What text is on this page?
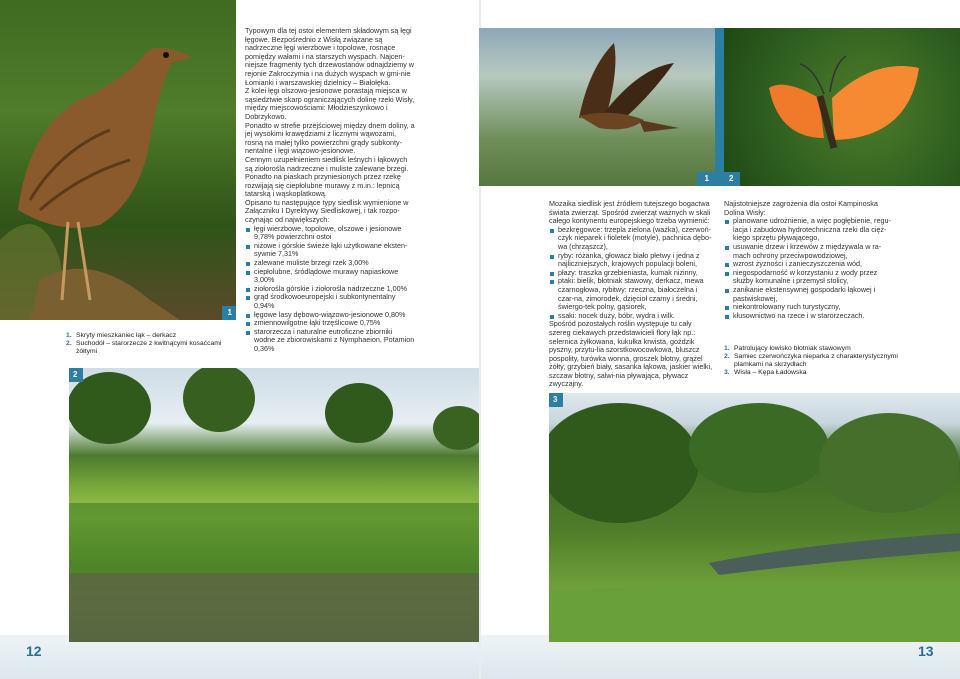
12
1
1. Skryty mieszkaniec łąk – derkacz
2. Suchodół – starorzecze z kwitnącymi kosaćcami żółtymi

Typowym dla tej ostoi elementem składowym są łęgi łęgowe. Bezpośrednio z Wisłą związane są nadrzeczne łęgi wierzbowe i topolowe, rosnące pomiędzy wałami i na starszych wyspach. Najcen-niejsze fragmenty tych drzewostanów odnajdziemy w rejonie Zakroczymia i na dużych wyspach w gmi-nie Łomianki i warszawskiej dzielnicy – Białołęka.

Z kolei łęgi olszowo-jesionowe porastają miejsca w sąsiedztwie skarp ograniczających dolinę rzeki Wisły, między miejscowościami: Młodzieszynkowo i Dobrzykowo.

Ponadto w strefie przejściowej między dnem doliny, a jej wysokimi krawędziami z licznymi wąwozami, rosną na małej tylko powierzchni grądy subkonty-nentalne i łęgi wiązowo-jesionowe.

Cennym uzupełnieniem siedlisk leśnych i łąkowych są ziołorośla nadrzeczne i muliste zalewane brzegi. Ponadto na piaskach przyniesionych przez rzekę rozwijają się ciepłolubne murawy z m.in.: lepnicą tatarską i wąskoplatkową.

Opisano tu następujące typy siedlisk wymienione w Załączniku I Dyrektywy Siedliskowej, i tak rozpo-czynając od największych:

łęgi wierzbowe, topolowe, olszowe i jesionowe 9,78% powierzchni ostoi
niżowe i górskie świeże łąki użytkowane eksten-sywnie 7,31%
zalewane muliste brzegi rzek 3,00%
ciepłolubne, śródlądowe murawy napiaskowe 3,00%
ziołorośla górskie i ziołorośla nadrzeczne 1,00%
grąd środkowoeuropejski i subkontynentalny 0,94%
łęgowe lasy dębowo-wiązowo-jesionowe 0,80%
zmiennowilgotne łąki trzęślicowe 0,75%
starorzecza i naturalne eutroficzne zbiorniki wodne ze zbiorowiskami z Nymphaeion, Potamion 0,36%
2
13
1	2

Mozaika siedlisk jest źródłem tutejszego bogactwa świata zwierząt. Spośród zwierząt ważnych w skali całego kontynentu europejskiego trzeba wymienić:

bezkręgowce: trzepla zielona (ważka), czerwoń-czyk nieparek i fioletek (motyle), pachnica dębo-wa (chrząszcz),
ryby: różanka, głowacz biało płetwy i jedna z najliczniejszych, krajowych populacji boleni,
płazy: traszka grzebieniasta, kumak nizinny,
ptaki: bielik, błotniak stawowy, derkacz, mewa czarnogłowa, rybitwy: rzeczna, białoczelna i czar-na, zimorodek, dzięcioł czarny i średni, świergo-tek polny, gąsiorek,
ssaki: nocek duży, bóbr, wydra i wilk.

Spośród pozostałych roślin występuje tu cały szereg ciekawych przedstawicieli flory łąk np.: selernica żyłkowana, kukułka krwista, goździk pyszny, przytu-lia szorstkowocowkowa, bluszcz pospolity, turówka wonna, groszek błotny, grążel żółty, grzybień biały, sasanka łąkowa, jaskier wielki, szczaw błotny, salwi-nia pływająca, pływacz zwyczajny.

Najistotniejsze zagrożenia dla ostoi Kampinoska Dolina Wisły:

planowane udrożnienie, a więc pogłębienie, regu-lacja i zabudowa hydrotechniczna rzeki dla cięż-kiego sprzętu pływającego,
usuwanie drzew i krzewów z międzywala w ra-mach ochrony przeciwpowodziowej,
wzrost żyzności i zanieczyszczenia wód,
niegospodarność w korzystaniu z wody przez służby komunalne i przemysł stolicy,
zanikanie ekstensywnej gospodarki łąkowej i pastwiskowej,
niekontrolowany ruch turystyczny,
kłusownictwo na rzece i w starorzeczach.
1. Patrolujący łowisko błotniak stawowym
2. Samiec czerwończyka nieparka z charakterystycznymi plamkami na skrzydłach
3. Wisła – Kępa Ładowska
3
